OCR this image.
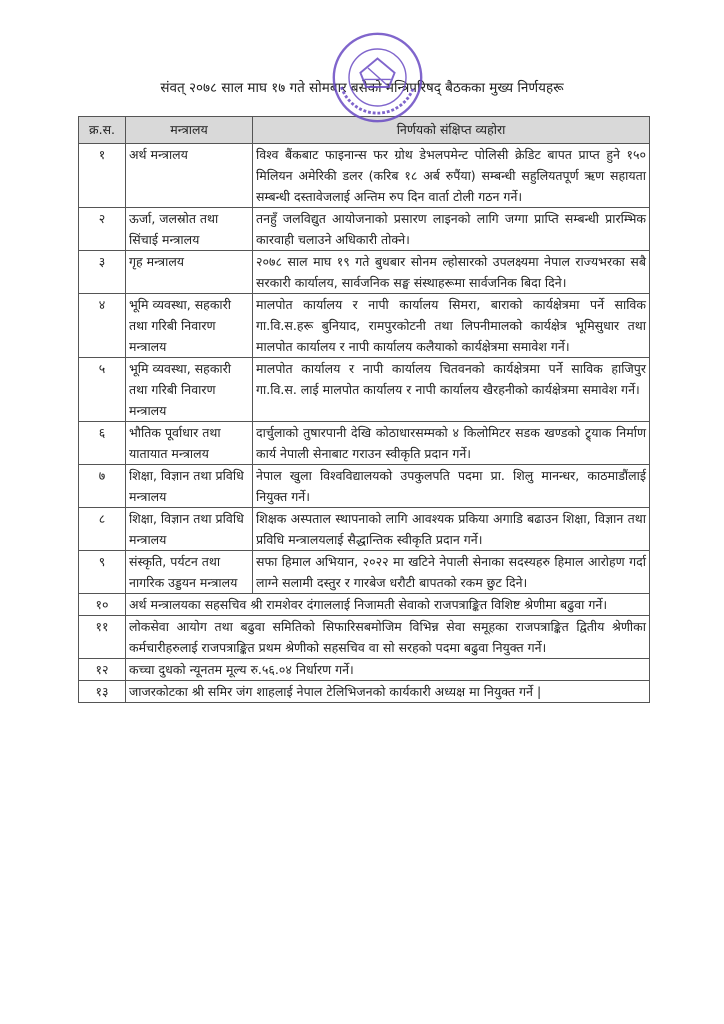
संवत् २०७८ साल माघ १७ गते सोमबार बसेको मन्त्रिपरिषद् बैठकका मुख्य निर्णयहरू
क्र.स.	मन्त्रालय	निर्णयको संक्षिप्त व्यहोरा
१	अर्थ मन्त्रालय	विश्व बैंकबाट फाइनान्स फर ग्रोथ डेभलपमेन्ट पोलिसी क्रेडिट बापत प्राप्त हुने १५० मिलियन अमेरिकी डलर (करिब १८ अर्ब रुपैंया) सम्बन्धी सहुलियतपूर्ण ऋण सहायता सम्बन्धी दस्तावेजलाई अन्तिम रुप दिन वार्ता टोली गठन गर्ने।
२	ऊर्जा, जलस्रोत तथा सिंचाई मन्त्रालय	तनहुँ जलविद्युत आयोजनाको प्रसारण लाइनको लागि जग्गा प्राप्ति सम्बन्धी प्रारम्भिक कारवाही चलाउने अधिकारी तोक्ने।
३	गृह मन्त्रालय	२०७८ साल माघ १९ गते बुधबार सोनम ल्होसारको उपलक्ष्यमा नेपाल राज्यभरका सबै सरकारी कार्यालय, सार्वजनिक सङ्घ संस्थाहरूमा सार्वजनिक बिदा दिने।
४	भूमि व्यवस्था, सहकारी तथा गरिबी निवारण मन्त्रालय	मालपोत कार्यालय र नापी कार्यालय सिमरा, बाराको कार्यक्षेत्रमा पर्ने साविक गा.वि.स.हरू बुनियाद, रामपुरकोटनी तथा लिपनीमालको कार्यक्षेत्र भूमिसुधार तथा मालपोत कार्यालय र नापी कार्यालय कलैयाको कार्यक्षेत्रमा समावेश गर्ने।
५	भूमि व्यवस्था, सहकारी तथा गरिबी निवारण मन्त्रालय	मालपोत कार्यालय र नापी कार्यालय चितवनको कार्यक्षेत्रमा पर्ने साविक हाजिपुर गा.वि.स. लाई मालपोत कार्यालय र नापी कार्यालय खैरहनीको कार्यक्षेत्रमा समावेश गर्ने।
६	भौतिक पूर्वाधार तथा यातायात मन्त्रालय	दार्चुलाको तुषारपानी देखि कोठाधारसम्मको ४ किलोमिटर सडक खण्डको ट्र्याक निर्माण कार्य नेपाली सेनाबाट गराउन स्वीकृति प्रदान गर्ने।
७	शिक्षा, विज्ञान तथा प्रविधि मन्त्रालय	नेपाल खुला विश्वविद्यालयको उपकुलपति पदमा प्रा. शिलु मानन्धर, काठमाडौंलाई नियुक्त गर्ने।
८	शिक्षा, विज्ञान तथा प्रविधि मन्त्रालय	शिक्षक अस्पताल स्थापनाको लागि आवश्यक प्रकिया अगाडि बढाउन शिक्षा, विज्ञान तथा प्रविधि मन्त्रालयलाई सैद्धान्तिक स्वीकृति प्रदान गर्ने।
९	संस्कृति, पर्यटन तथा नागरिक उड्डयन मन्त्रालय	सफा हिमाल अभियान, २०२२ मा खटिने नेपाली सेनाका सदस्यहरु हिमाल आरोहण गर्दा लाग्ने सलामी दस्तुर र गारबेज धरौटी बापतको रकम छुट दिने।
१०	अर्थ मन्त्रालयका सहसचिव श्री रामशेवर दंगाललाई निजामती सेवाको राजपत्राङ्कित विशिष्ट श्रेणीमा बढुवा गर्ने।	
११	लोकसेवा आयोग तथा बढुवा समितिको सिफारिसबमोजिम विभिन्न सेवा समूहका राजपत्राङ्कित द्वितीय श्रेणीका कर्मचारीहरुलाई राजपत्राङ्कित प्रथम श्रेणीको सहसचिव वा सो सरहको पदमा बढुवा नियुक्त गर्ने।	
१२	कच्चा दुधको न्यूनतम मूल्य रु.५६.०४ निर्धारण गर्ने।	
१३	जाजरकोटका श्री समिर जंग शाहलाई नेपाल टेलिभिजनको कार्यकारी अध्यक्ष मा नियुक्त गर्ने |	
